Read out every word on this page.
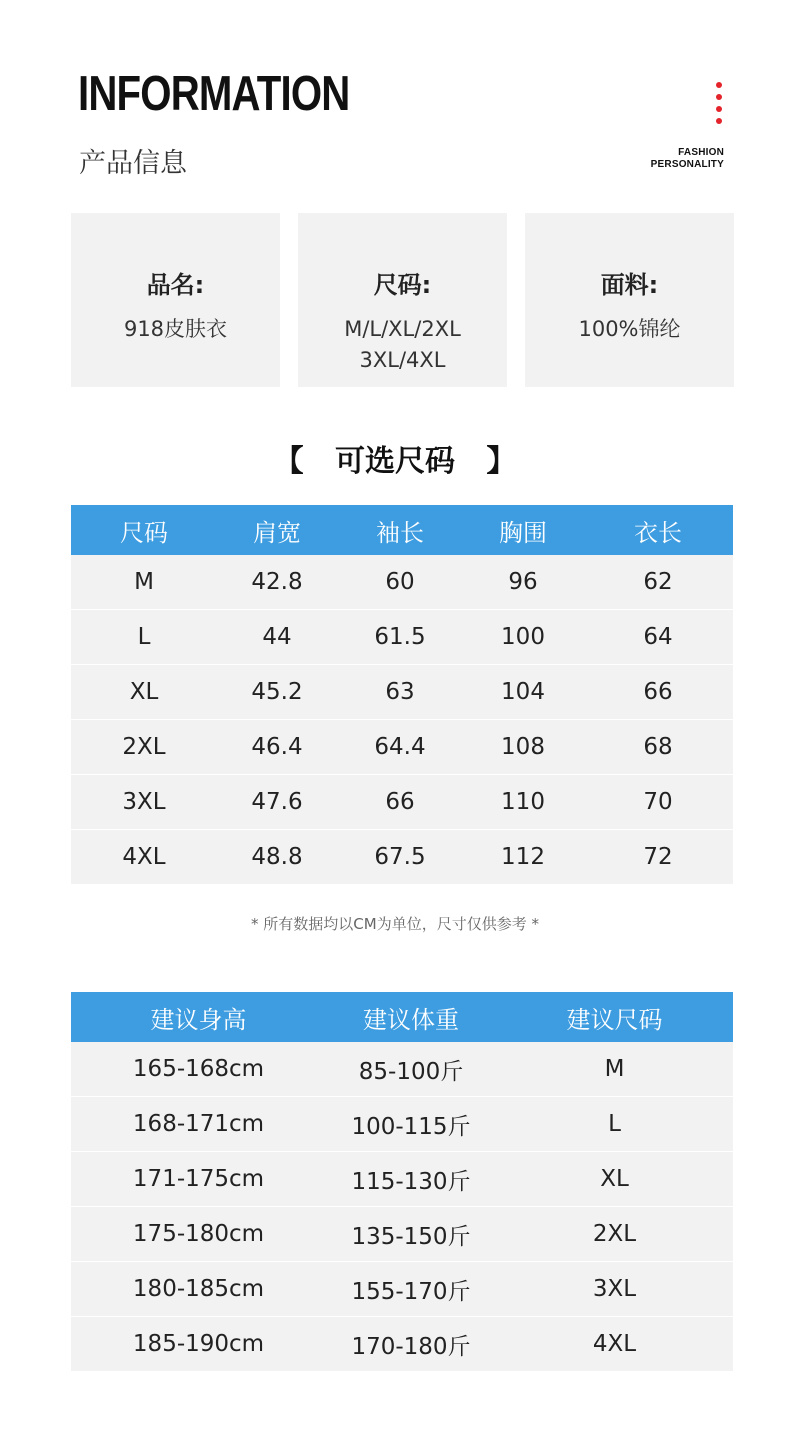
INFORMATION
产品信息	FASHION
PERSONALITY
品名:
918皮肤衣
尺码:
M/L/XL/2XL
3XL/4XL
面料:
100%锦纶
【   可选尺码   】
尺码	肩宽	袖长	胸围	衣长
M	42.8	60	96	62
L	44	61.5	100	64
XL	45.2	63	104	66
2XL	46.4	64.4	108	68
3XL	47.6	66	110	70
4XL	48.8	67.5	112	72
* 所有数据均以CM为单位，尺寸仅供参考 *
建议身高	建议体重	建议尺码
165-168cm	85-100斤	M
168-171cm	100-115斤	L
171-175cm	115-130斤	XL
175-180cm	135-150斤	2XL
180-185cm	155-170斤	3XL
185-190cm	170-180斤	4XL
